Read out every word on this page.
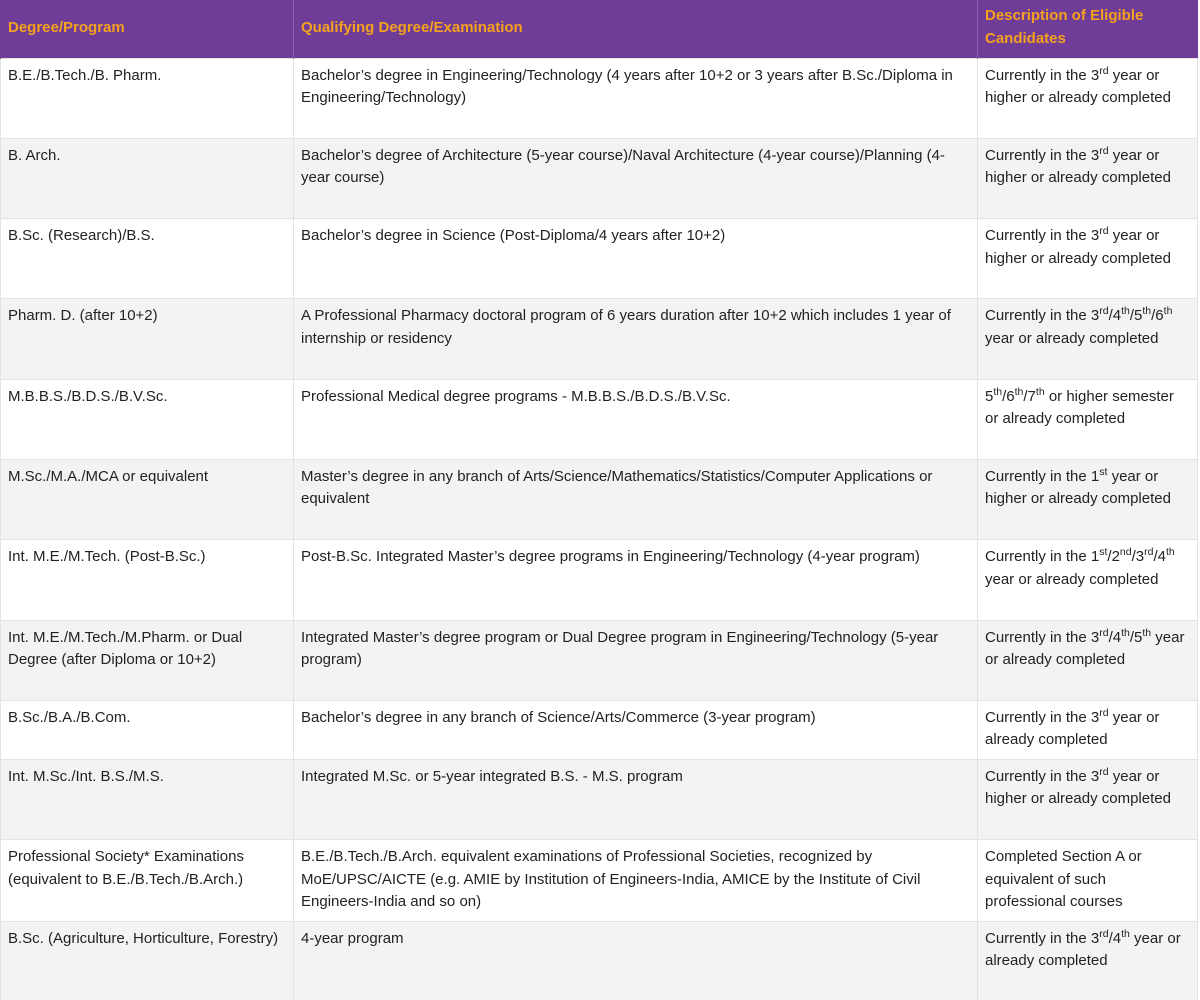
Degree/Program	Qualifying Degree/Examination	Description of Eligible Candidates
B.E./B.Tech./B. Pharm.	Bachelor’s degree in Engineering/Technology (4 years after 10+2 or 3 years after B.Sc./Diploma in Engineering/Technology)	Currently in the 3rd year or higher or already completed
B. Arch.	Bachelor’s degree of Architecture (5-year course)/Naval Architecture (4-year course)/Planning (4-year course)	Currently in the 3rd year or higher or already completed
B.Sc. (Research)/B.S.	Bachelor’s degree in Science (Post-Diploma/4 years after 10+2)	Currently in the 3rd year or higher or already completed
Pharm. D. (after 10+2)	A Professional Pharmacy doctoral program of 6 years duration after 10+2 which includes 1 year of internship or residency	Currently in the 3rd/4th/5th/6th year or already completed
M.B.B.S./B.D.S./B.V.Sc.	Professional Medical degree programs - M.B.B.S./B.D.S./B.V.Sc.	5th/6th/7th or higher semester or already completed
M.Sc./M.A./MCA or equivalent	Master’s degree in any branch of Arts/Science/Mathematics/Statistics/Computer Applications or equivalent	Currently in the 1st year or higher or already completed
Int. M.E./M.Tech. (Post-B.Sc.)	Post-B.Sc. Integrated Master’s degree programs in Engineering/Technology (4-year program)	Currently in the 1st/2nd/3rd/4th year or already completed
Int. M.E./M.Tech./M.Pharm. or Dual Degree (after Diploma or 10+2)	Integrated Master’s degree program or Dual Degree program in Engineering/Technology (5-year program)	Currently in the 3rd/4th/5th year or already completed
B.Sc./B.A./B.Com.	Bachelor’s degree in any branch of Science/Arts/Commerce (3-year program)	Currently in the 3rd year or already completed
Int. M.Sc./Int. B.S./M.S.	Integrated M.Sc. or 5-year integrated B.S. - M.S. program	Currently in the 3rd year or higher or already completed
Professional Society* Examinations (equivalent to B.E./B.Tech./B.Arch.)	B.E./B.Tech./B.Arch. equivalent examinations of Professional Societies, recognized by MoE/UPSC/AICTE (e.g. AMIE by Institution of Engineers-India, AMICE by the Institute of Civil Engineers-India and so on)	Completed Section A or equivalent of such professional courses
B.Sc. (Agriculture, Horticulture, Forestry)	4-year program	Currently in the 3rd/4th year or already completed
